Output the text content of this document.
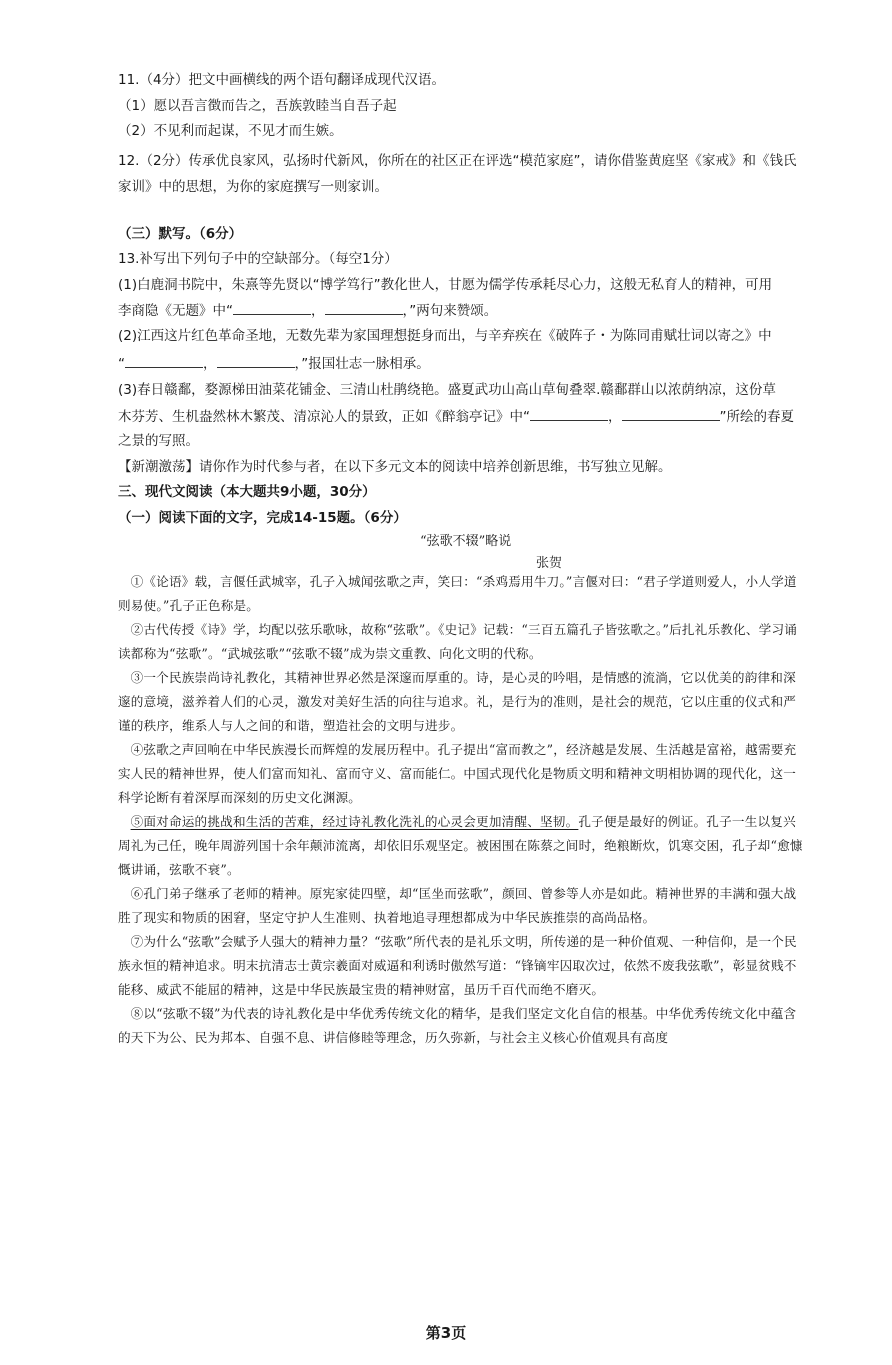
11.（4分）把文中画横线的两个语句翻译成现代汉语。

（1）愿以吾言徴而告之，吾族敦睦当自吾子起

（2）不见利而起谋，不见才而生嫉。

12.（2分）传承优良家风，弘扬时代新风，你所在的社区正在评选“模范家庭”，请你借鉴黄庭坚《家戒》和《钱氏家训》中的思想，为你的家庭撰写一则家训。

（三）默写。（6分）

13.补写出下列句子中的空缺部分。（每空1分）

(1)白鹿洞书院中，朱熹等先贤以“博学笃行”教化世人，甘愿为儒学传承耗尽心力，这般无私育人的精神，可用

李商隐《无题》中“	，	，”两句来赞颂。

(2)江西这片红色革命圣地，无数先辈为家国理想挺身而出，与辛弃疾在《破阵子・为陈同甫赋壮词以寄之》中

“	，	，”报国壮志一脉相承。

(3)春日赣鄱，婺源梯田油菜花铺金、三清山杜鹃绕艳。盛夏武功山高山草甸叠翠.赣鄱群山以浓荫纳凉，这份草

木芬芳、生机盎然林木繁茂、清凉沁人的景致，正如《醉翁亭记》中“	，	”所绘的春夏

之景的写照。

【新潮激荡】请你作为时代参与者，在以下多元文本的阅读中培养创新思维，书写独立见解。

三、现代文阅读（本大题共9小题，30分）

（一）阅读下面的文字，完成14-15题。（6分）

“弦歌不辍”略说
张贺

①《论语》载，言偃任武城宰，孔子入城闻弦歌之声，笑曰：“杀鸡焉用牛刀。”言偃对曰：“君子学道则爱人，小人学道则易使。”孔子正色称是。

②古代传授《诗》学，均配以弦乐歌咏，故称“弦歌”。《史记》记载：“三百五篇孔子皆弦歌之。”后扎礼乐教化、学习诵读都称为“弦歌”。“武城弦歌”“弦歌不辍”成为崇文重教、向化文明的代称。

③一个民族崇尚诗礼教化，其精神世界必然是深邃而厚重的。诗，是心灵的吟唱，是情感的流淌，它以优美的韵律和深邃的意境，滋养着人们的心灵，激发对美好生活的向往与追求。礼，是行为的准则，是社会的规范，它以庄重的仪式和严谨的秩序，维系人与人之间的和谐，塑造社会的文明与进步。

④弦歌之声回响在中华民族漫长而辉煌的发展历程中。孔子提出“富而教之”，经济越是发展、生活越是富裕，越需要充实人民的精神世界，使人们富而知礼、富而守义、富而能仁。中国式现代化是物质文明和精神文明相协调的现代化，这一科学论断有着深厚而深刻的历史文化渊源。

⑤面对命运的挑战和生活的苦难，经过诗礼教化洗礼的心灵会更加清醒、坚韧。孔子便是最好的例证。孔子一生以复兴周礼为己任，晚年周游列国十余年颠沛流离，却依旧乐观坚定。被困围在陈蔡之间时，绝粮断炊，饥寒交困，孔子却“愈慷慨讲诵，弦歌不衰”。

⑥孔门弟子继承了老师的精神。原宪家徒四壁，却“匡坐而弦歌”，颜回、曾参等人亦是如此。精神世界的丰满和强大战胜了现实和物质的困窘，坚定守护人生准则、执着地追寻理想都成为中华民族推崇的高尚品格。

⑦为什么“弦歌”会赋予人强大的精神力量？“弦歌”所代表的是礼乐文明，所传递的是一种价值观、一种信仰，是一个民族永恒的精神追求。明末抗清志士黄宗羲面对威逼和利诱时傲然写道：“锋镝牢囚取次过，依然不废我弦歌”，彰显贫贱不能移、威武不能屈的精神，这是中华民族最宝贵的精神财富，虽历千百代而绝不磨灭。

⑧以“弦歌不辍”为代表的诗礼教化是中华优秀传统文化的精华，是我们坚定文化自信的根基。中华优秀传统文化中蕴含的天下为公、民为邦本、自强不息、讲信修睦等理念，历久弥新，与社会主义核心价值观具有高度

第3页
